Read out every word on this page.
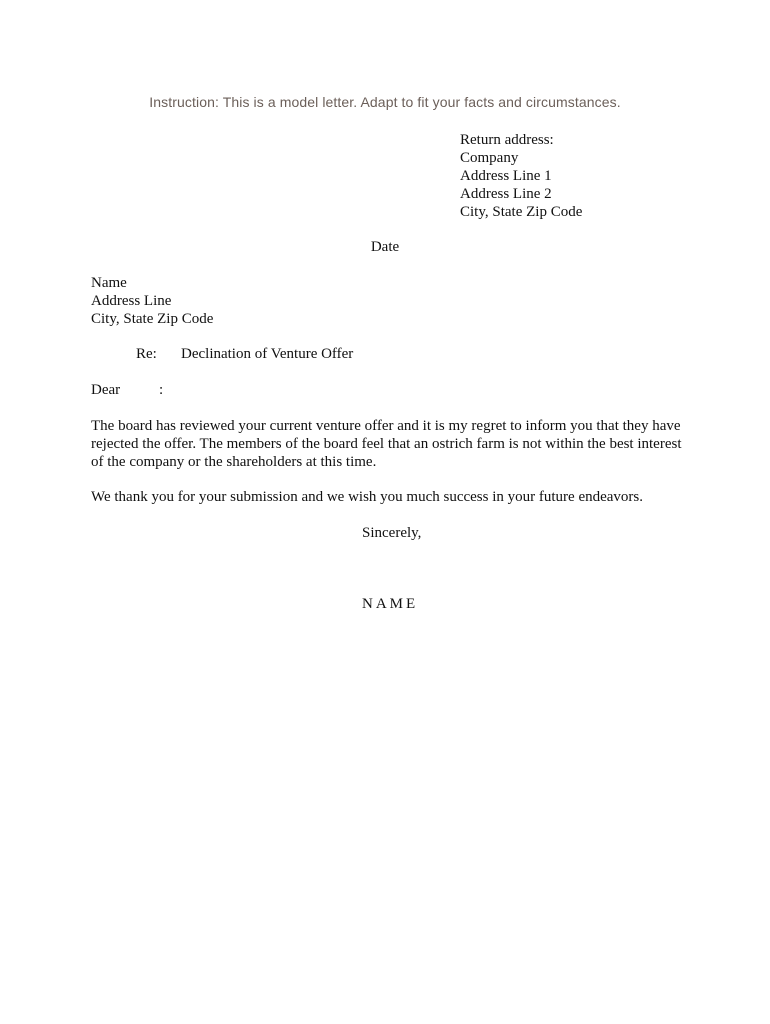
Instruction: This is a model letter. Adapt to fit your facts and circumstances.
Return address:
Company
Address Line 1
Address Line 2
City, State Zip Code
Date
Name
Address Line
City, State Zip Code
Re: Declination of Venture Offer
Dear	:
The board has reviewed your current venture offer and it is my regret to inform you that they have
rejected the offer. The members of the board feel that an ostrich farm is not within the best interest
of the company or the shareholders at this time.
We thank you for your submission and we wish you much success in your future endeavors.
Sincerely,
NAME
